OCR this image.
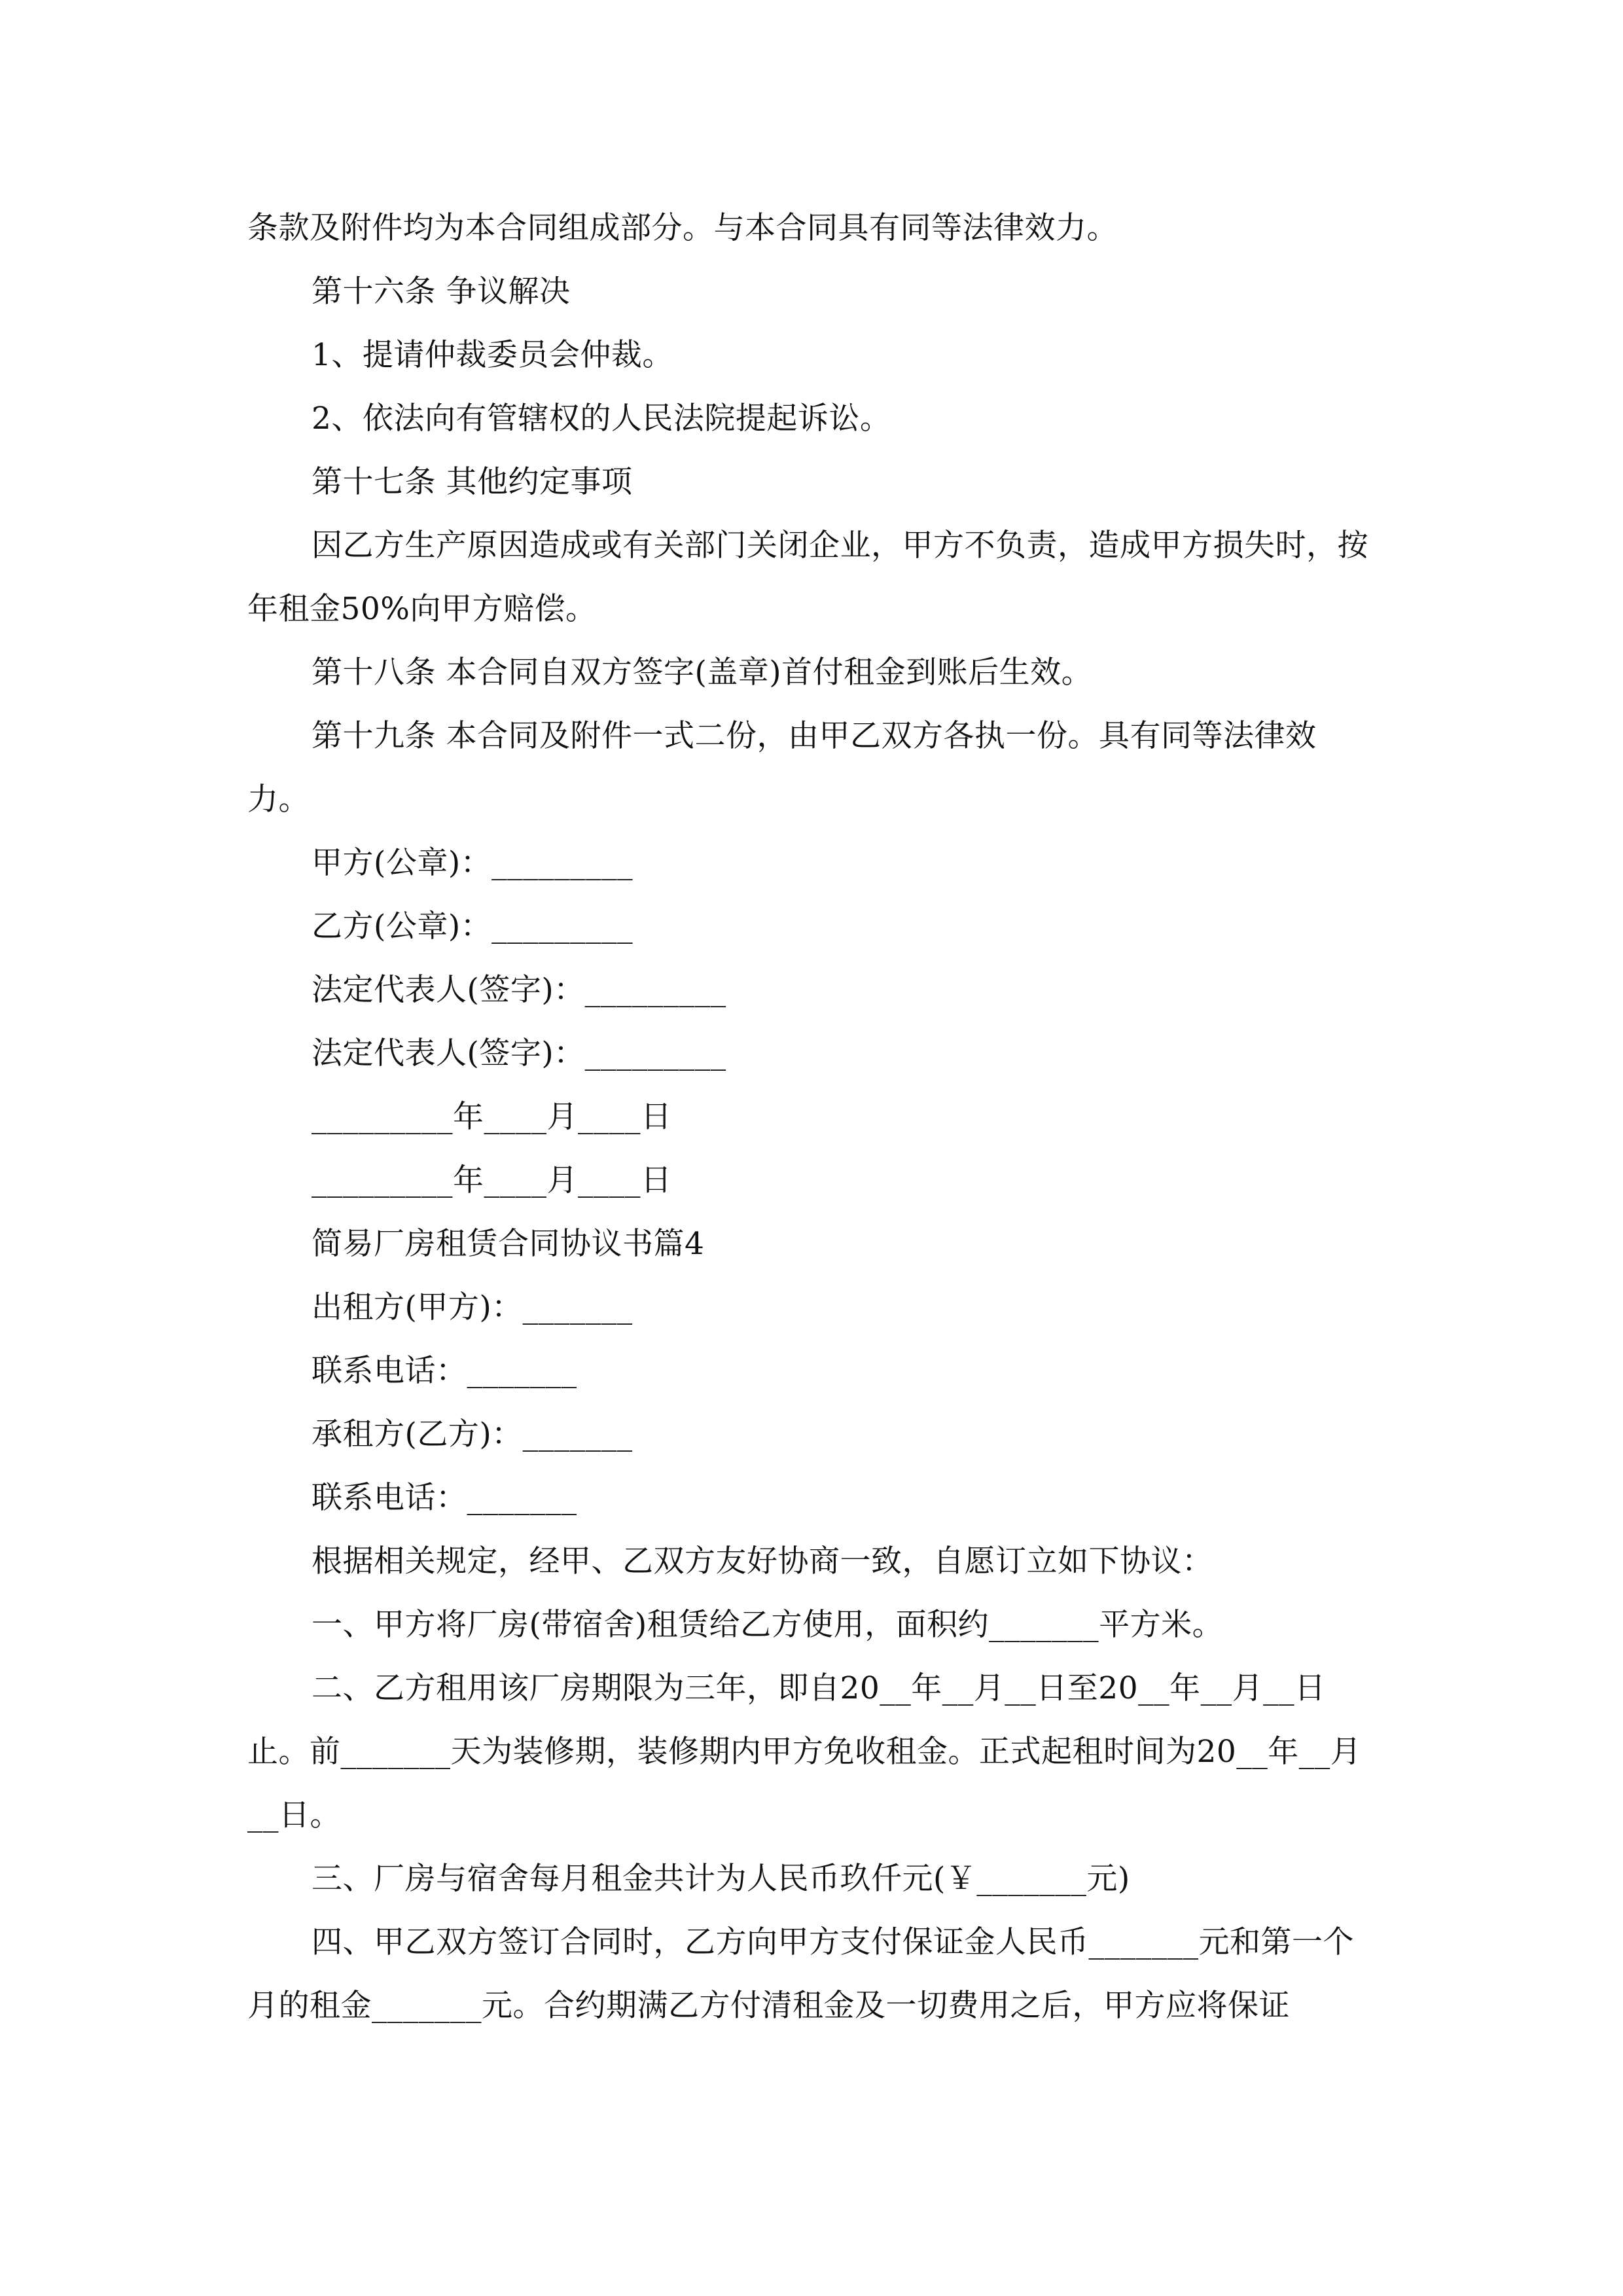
条款及附件均为本合同组成部分。与本合同具有同等法律效力。

第十六条 争议解决

1、提请仲裁委员会仲裁。

2、依法向有管辖权的人民法院提起诉讼。

第十七条 其他约定事项

因乙方生产原因造成或有关部门关闭企业，甲方不负责，造成甲方损失时，按年租金50%向甲方赔偿。

第十八条 本合同自双方签字(盖章)首付租金到账后生效。

第十九条 本合同及附件一式二份，由甲乙双方各执一份。具有同等法律效力。

甲方(公章)：_________

乙方(公章)：_________

法定代表人(签字)：_________

法定代表人(签字)：_________

_________年____月____日

_________年____月____日

简易厂房租赁合同协议书篇4

出租方(甲方)：_______

联系电话：_______

承租方(乙方)：_______

联系电话：_______

根据相关规定，经甲、乙双方友好协商一致，自愿订立如下协议：

一、甲方将厂房(带宿舍)租赁给乙方使用，面积约_______平方米。

二、乙方租用该厂房期限为三年，即自20__年__月__日至20__年__月__日止。前_______天为装修期，装修期内甲方免收租金。正式起租时间为20__年__月__日。

三、厂房与宿舍每月租金共计为人民币玖仟元(￥_______元)

四、甲乙双方签订合同时，乙方向甲方支付保证金人民币_______元和第一个月的租金_______元。合约期满乙方付清租金及一切费用之后，甲方应将保证
